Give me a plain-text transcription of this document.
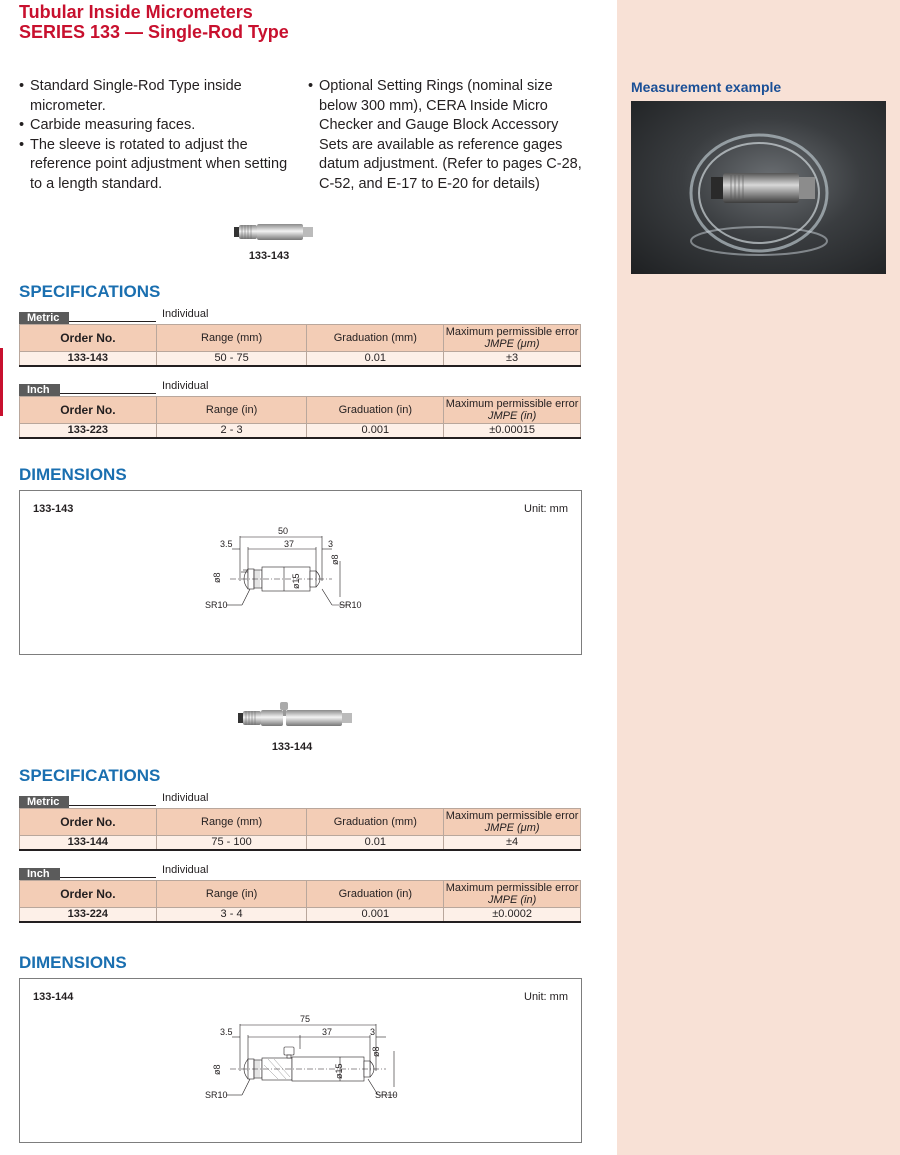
Tubular Inside Micrometers
SERIES 133 — Single-Rod Type
• Standard Single-Rod Type inside micrometer.
• Carbide measuring faces.
• The sleeve is rotated to adjust the reference point adjustment when setting to a length standard.
• Optional Setting Rings (nominal size below 300 mm), CERA Inside Micro Checker and Gauge Block Accessory Sets are available as reference gages datum adjustment. (Refer to pages C-28, C-52, and E-17 to E-20 for details)
Measurement example
133-143
SPECIFICATIONS
Metric	Individual
Order No.	Range (mm)	Graduation (mm)	Maximum permissible error
JMPE (μm)
133-143	50 - 75	0.01	±3
Inch	Individual
Order No.	Range (in)	Graduation (in)	Maximum permissible error
JMPE (in)
133-223	2 - 3	0.001	±0.00015
DIMENSIONS
133-143	Unit: mm
50
3.5	37	3
ø8	ø15
ø8
SR10	SR10
133-144
SPECIFICATIONS
Metric	Individual
Order No.	Range (mm)	Graduation (mm)	Maximum permissible error
JMPE (μm)
133-144	75 - 100	0.01	±4
Inch	Individual
Order No.	Range (in)	Graduation (in)	Maximum permissible error
JMPE (in)
133-224	3 - 4	0.001	±0.0002
DIMENSIONS
133-144	Unit: mm
75
3.5	37	3
ø8	ø15
ø8
SR10	SR10
